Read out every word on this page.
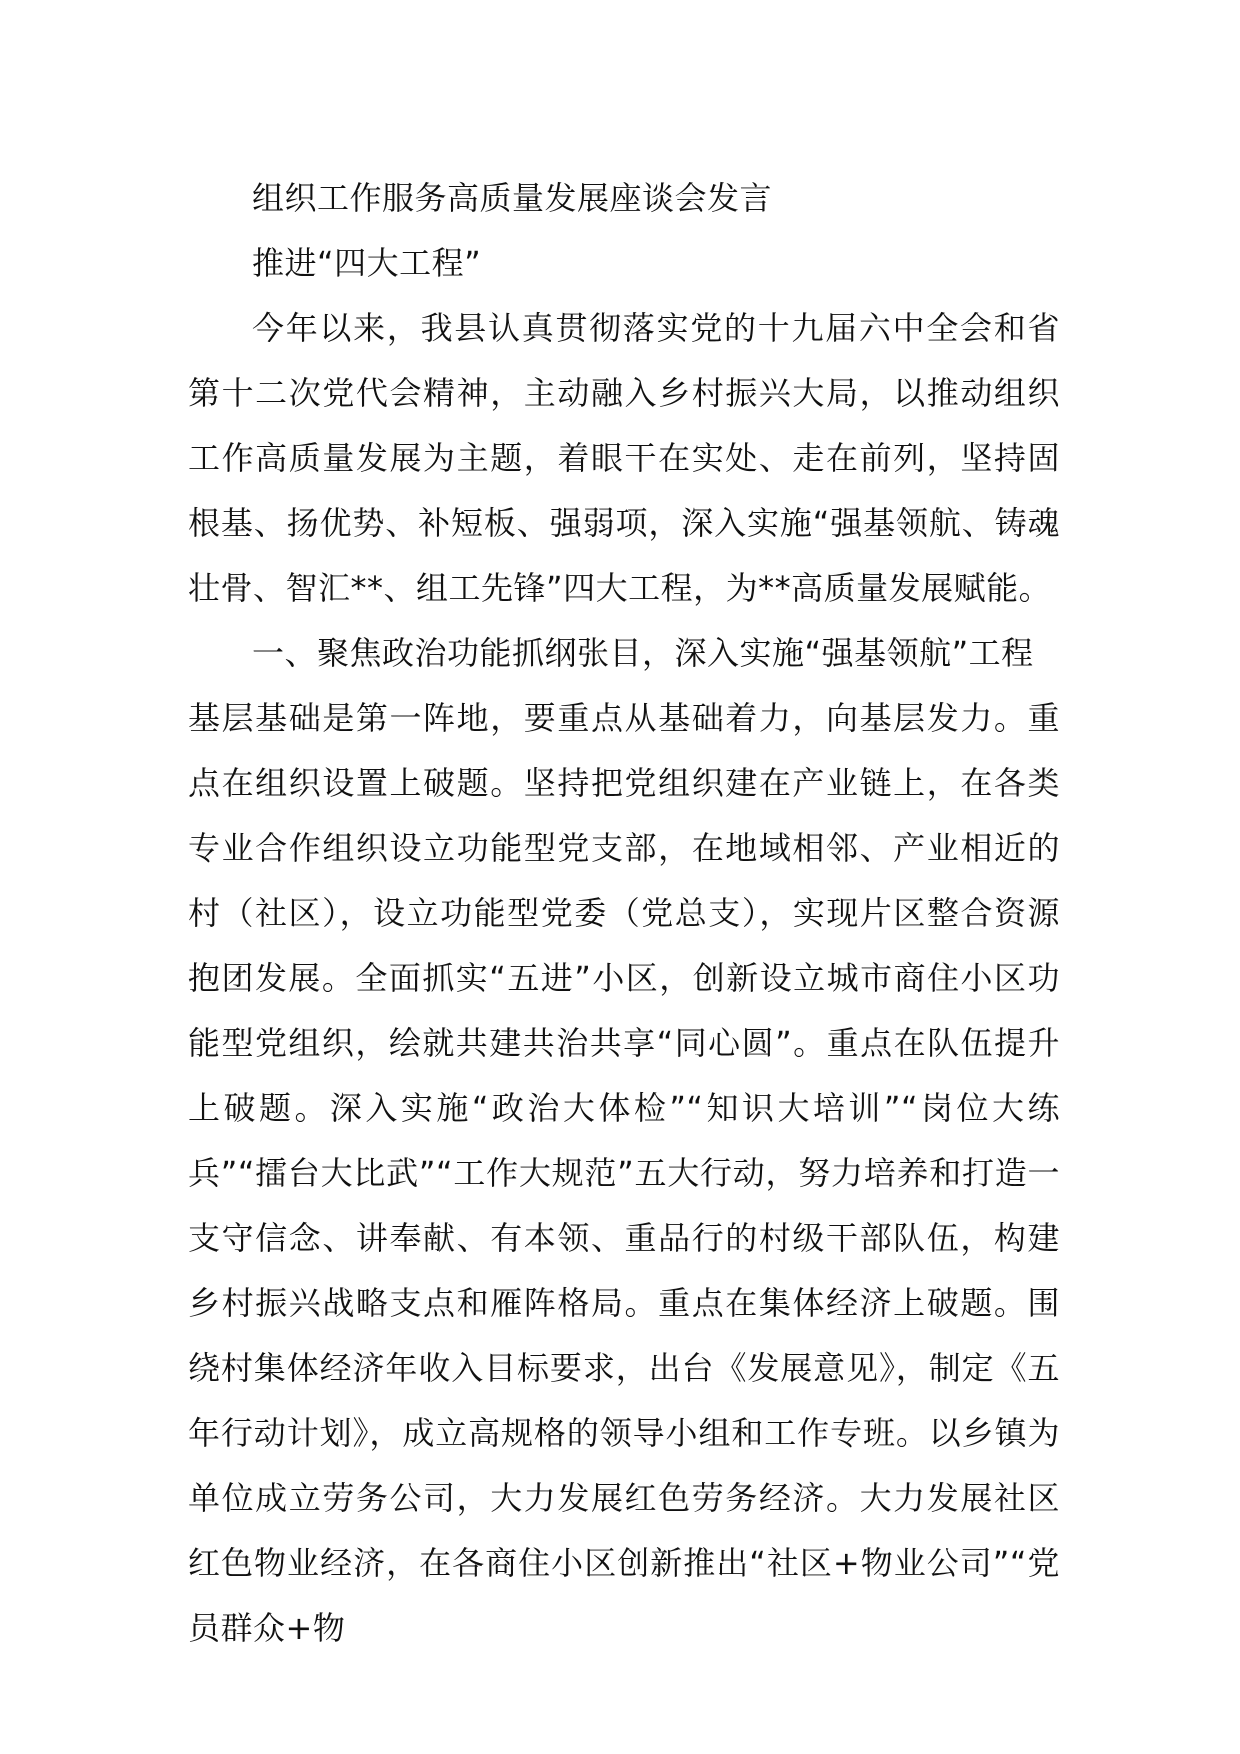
组织工作服务高质量发展座谈会发言

推进“四大工程”

今年以来，我县认真贯彻落实党的十九届六中全会和省第十二次党代会精神，主动融入乡村振兴大局，以推动组织工作高质量发展为主题，着眼干在实处、走在前列，坚持固根基、扬优势、补短板、强弱项，深入实施“强基领航、铸魂壮骨、智汇**、组工先锋”四大工程，为**高质量发展赋能。

一、聚焦政治功能抓纲张目，深入实施“强基领航”工程

基层基础是第一阵地，要重点从基础着力，向基层发力。重点在组织设置上破题。坚持把党组织建在产业链上，在各类专业合作组织设立功能型党支部，在地域相邻、产业相近的村（社区），设立功能型党委（党总支），实现片区整合资源抱团发展。全面抓实“五进”小区，创新设立城市商住小区功能型党组织，绘就共建共治共享“同心圆”。重点在队伍提升上破题。深入实施“政治大体检”“知识大培训”“岗位大练兵”“擂台大比武”“工作大规范”五大行动，努力培养和打造一支守信念、讲奉献、有本领、重品行的村级干部队伍，构建乡村振兴战略支点和雁阵格局。重点在集体经济上破题。围绕村集体经济年收入目标要求，出台《发展意见》，制定《五年行动计划》，成立高规格的领导小组和工作专班。以乡镇为单位成立劳务公司，大力发展红色劳务经济。大力发展社区红色物业经济，在各商住小区创新推出“社区+物业公司”“党员群众+物
